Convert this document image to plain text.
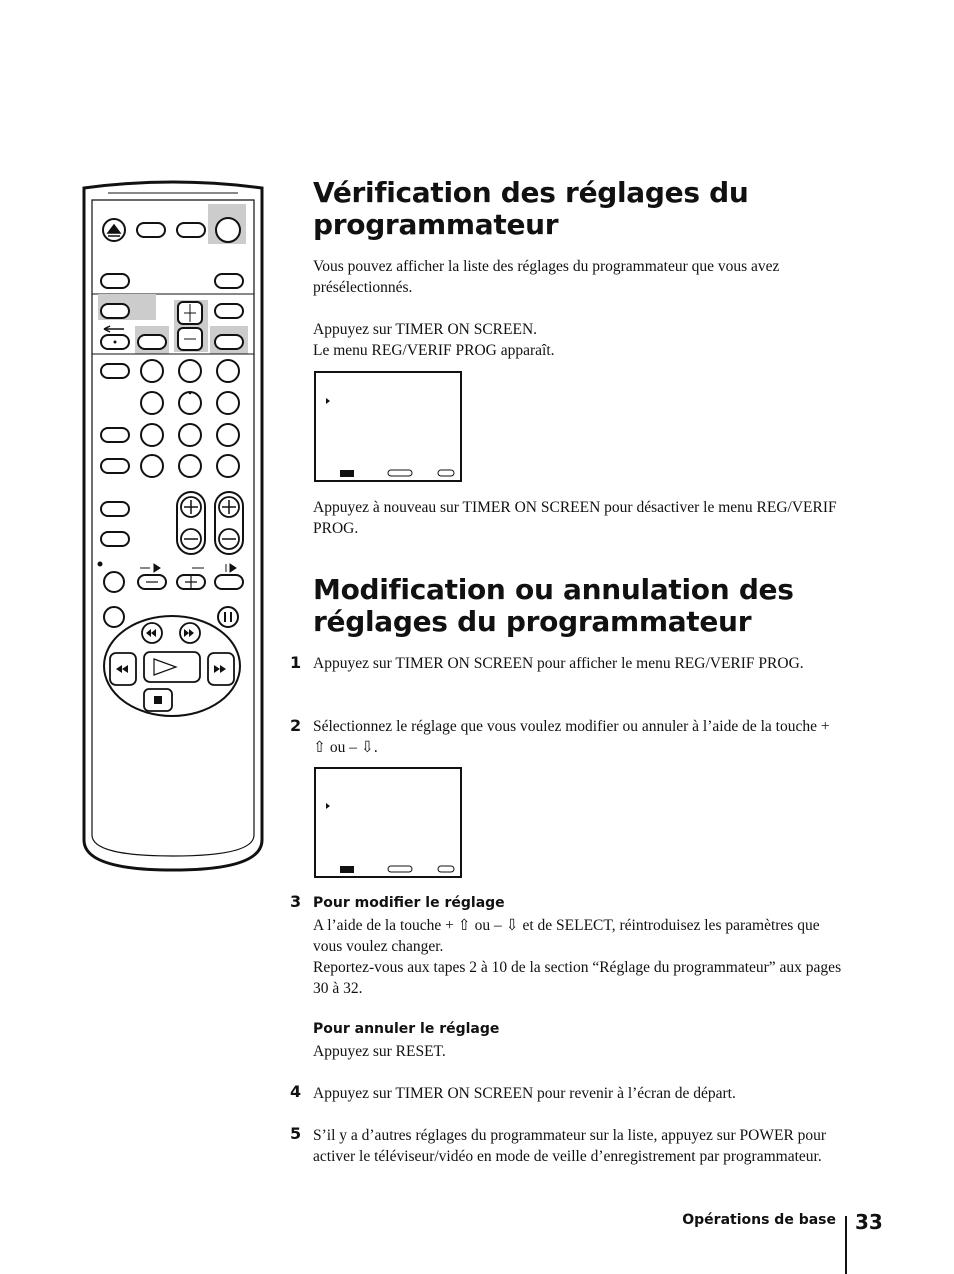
Vérification des réglages du programmateur

Vous pouvez afficher la liste des réglages du programmateur que vous avez présélectionnés.

Appuyez sur TIMER ON SCREEN.

Le menu REG/VERIF PROG apparaît.

Appuyez à nouveau sur TIMER ON SCREEN pour désactiver le menu REG/VERIF PROG.

Modification ou annulation des réglages du programmateur
1 Appuyez sur TIMER ON SCREEN pour afficher le menu REG/VERIF PROG.

2 Sélectionnez le réglage que vous voulez modifier ou annuler à l’aide de la touche + ⇧ ou – ⇩.

3 Pour modifier le réglage

A l’aide de la touche + ⇧ ou – ⇩ et de SELECT, réintroduisez les paramètres que vous voulez changer.

Reportez-vous aux tapes 2 à 10 de la section “Réglage du programmateur” aux pages 30 à 32.

Pour annuler le réglage

Appuyez sur RESET.

4 Appuyez sur TIMER ON SCREEN pour revenir à l’écran de départ.

5 S’il y a d’autres réglages du programmateur sur la liste, appuyez sur POWER pour activer le téléviseur/vidéo en mode de veille d’enregistrement par programmateur.

Opérations de base 33
